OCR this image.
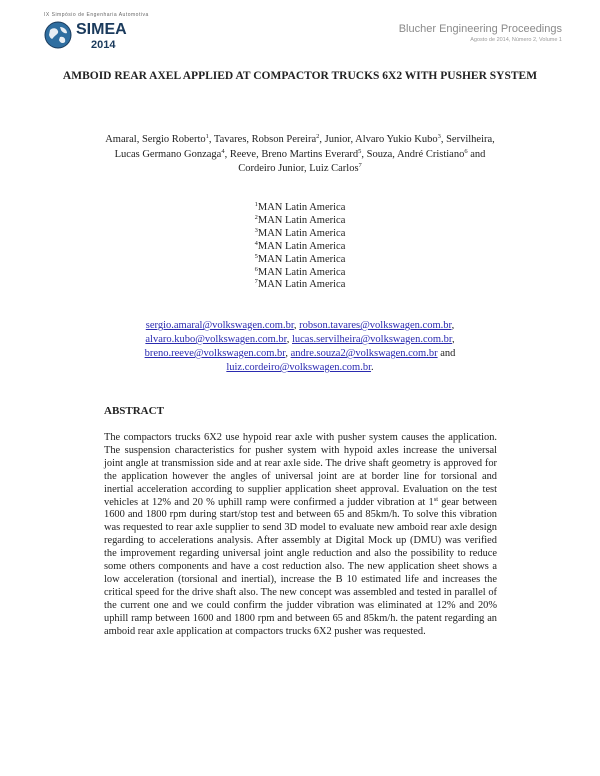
IX Simpósio de Engenharia Automotiva
SIMEA
2014
Blucher Engineering Proceedings
Agosto de 2014, Número 2, Volume 1
AMBOID REAR AXEL APPLIED AT COMPACTOR TRUCKS 6X2 WITH PUSHER SYSTEM
Amaral, Sergio Roberto$^1$, Tavares, Robson Pereira$^2$, Junior, Alvaro Yukio Kubo$^3$, Servilheira, Lucas Germano Gonzaga$^4$, Reeve, Breno Martins Everard$^5$, Souza, André Cristiano$^6$ and Cordeiro Junior, Luiz Carlos$^7$
$^1$MAN Latin America
$^2$MAN Latin America
$^3$MAN Latin America
$^4$MAN Latin America
$^5$MAN Latin America
$^6$MAN Latin America
$^7$MAN Latin America
sergio.amaral@volkswagen.com.br, robson.tavares@volkswagen.com.br, alvaro.kubo@volkswagen.com.br, lucas.servilheira@volkswagen.com.br, breno.reeve@volkswagen.com.br, andre.souza2@volkswagen.com.br and luiz.cordeiro@volkswagen.com.br.
ABSTRACT

The compactors trucks 6X2 use hypoid rear axle with pusher system causes the application. The suspension characteristics for pusher system with hypoid axles increase the universal joint angle at transmission side and at rear axle side. The drive shaft geometry is approved for the application however the angles of universal joint are at border line for torsional and inertial acceleration according to supplier application sheet approval. Evaluation on the test vehicles at 12% and 20 % uphill ramp were confirmed a judder vibration at 1st gear between 1600 and 1800 rpm during start/stop test and between 65 and 85km/h. To solve this vibration was requested to rear axle supplier to send 3D model to evaluate new amboid rear axle design regarding to accelerations analysis. After assembly at Digital Mock up (DMU) was verified the improvement regarding universal joint angle reduction and also the possibility to reduce some others components and have a cost reduction also. The new application sheet shows a low acceleration (torsional and inertial), increase the B 10 estimated life and increases the critical speed for the drive shaft also. The new concept was assembled and tested in parallel of the current one and we could confirm the judder vibration was eliminated at 12% and 20% uphill ramp between 1600 and 1800 rpm and between 65 and 85km/h. the patent regarding an amboid rear axle application at compactors trucks 6X2 pusher was requested.
